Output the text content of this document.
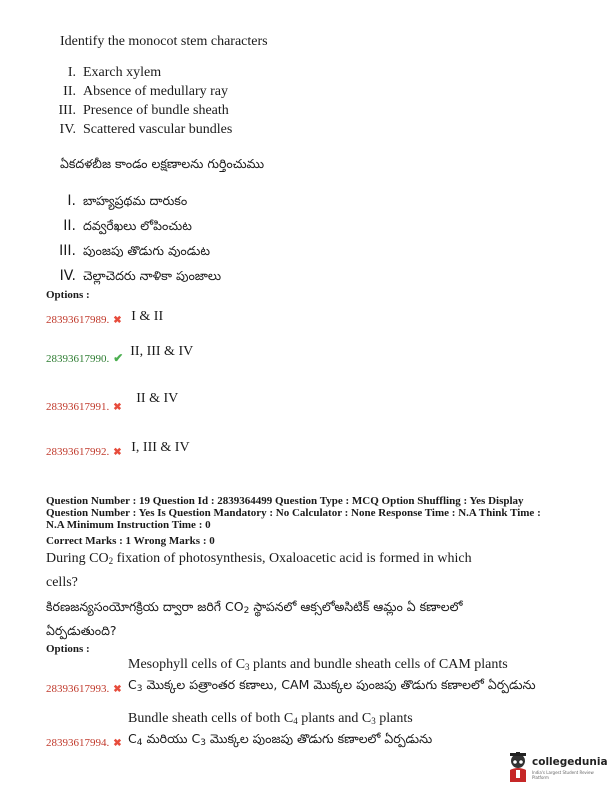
Identify the monocot stem characters
I. Exarch xylem
II. Absence of medullary ray
III. Presence of bundle sheath
IV. Scattered vascular bundles
ఏకదళబీజ కాండం లక్షణాలను గుర్తించుము
I. బాహ్యప్రథమ దారుకం
II. దవ్వరేఖలు లోపించుట
III. పుంజపు తొడుగు వుండుట
IV. చెల్లాచెదరు నాళికా పుంజాలు
Options :
28393617989. ✖ I & II
28393617990. ✔ II, III & IV
28393617991. ✖ II & IV
28393617992. ✖ I, III & IV
Question Number : 19 Question Id : 2839364499 Question Type : MCQ Option Shuffling : Yes Display
Question Number : Yes Is Question Mandatory : No Calculator : None Response Time : N.A Think Time :
N.A Minimum Instruction Time : 0
Correct Marks : 1 Wrong Marks : 0
During $CO_2$ fixation of photosynthesis, Oxaloacetic acid is formed in which
cells?
కిరణజన్యసంయోగక్రియ ద్వారా జరిగే $CO_2$ స్థాపనలో ఆక్సలోఅసిటిక్ ఆమ్లం ఏ కణాలలో
ఏర్పడుతుంది?
Options :
Mesophyll cells of $C_3$ plants and bundle sheath cells of CAM plants
28393617993. ✖ $C_3$ మొక్కల పత్రాంతర కణాలు, CAM మొక్కల పుంజపు తొడుగు కణాలలో ఏర్పడును
Bundle sheath cells of both $C_4$ plants and $C_3$ plants
28393617994. ✖ $C_4$ మరియు $C_3$ మొక్కల పుంజపు తొడుగు కణాలలో ఏర్పడును
collegedunia
India's Largest Student Review Platform
